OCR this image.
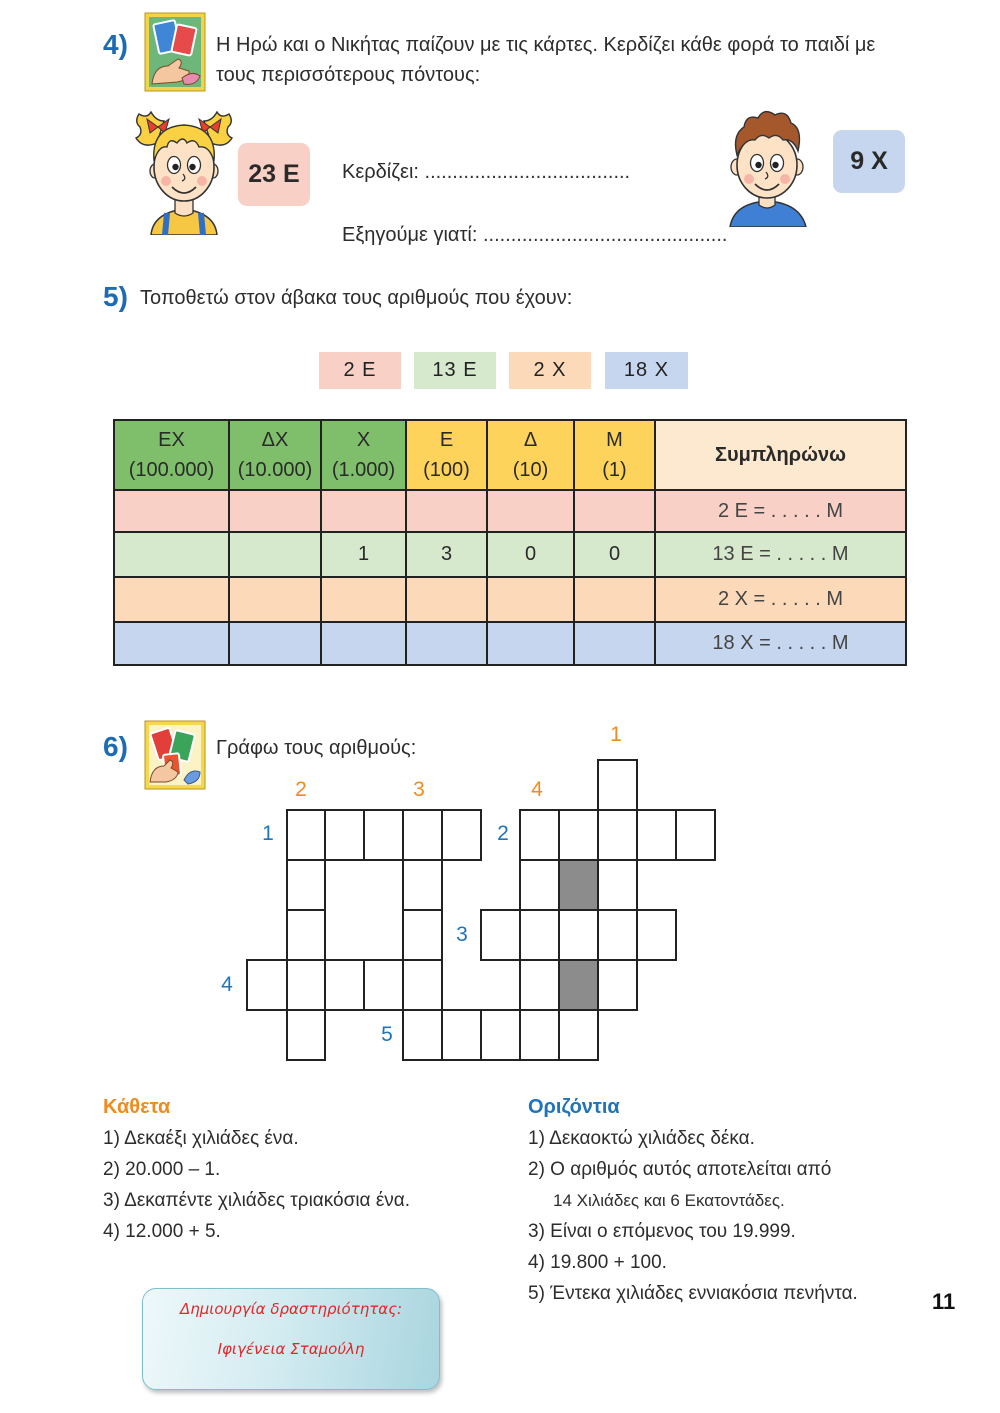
4)	Η Ηρώ και ο Νικήτας παίζουν με τις κάρτες. Κερδίζει κάθε φορά το παιδί με
τους περισσότερους πόντους:
23 Ε	Κερδίζει: .....................................
Εξηγούμε γιατί: ............................................
9 Χ
5) Τοποθετώ στον άβακα τους αριθμούς που έχουν:
2 Ε	13 Ε	2 Χ	18 Χ
ΕΧ
(100.000)	ΔΧ
(10.000)	Χ
(1.000)	Ε
(100)	Δ
(10)	Μ
(1)	Συμπληρώνω
						2 Ε = . . . . . Μ
		1	3	0	0	13 Ε = . . . . . Μ
						2 Χ = . . . . . Μ
						18 Χ = . . . . . Μ
6)	Γράφω τους αριθμούς:
1
2	3	4
1	2
3
4
5
Κάθετα
1) Δεκαέξι χιλιάδες ένα.
2) 20.000 – 1.
3) Δεκαπέντε χιλιάδες τριακόσια ένα.
4) 12.000 + 5.
Οριζόντια
1) Δεκαοκτώ χιλιάδες δέκα.
2) Ο αριθμός αυτός αποτελείται από
14 Χιλιάδες και 6 Εκατοντάδες.
3) Είναι ο επόμενος του 19.999.
4) 19.800 + 100.
5) Έντεκα χιλιάδες εννιακόσια πενήντα.	11
Δημιουργία δραστηριότητας:
Ιφιγένεια Σταμούλη
